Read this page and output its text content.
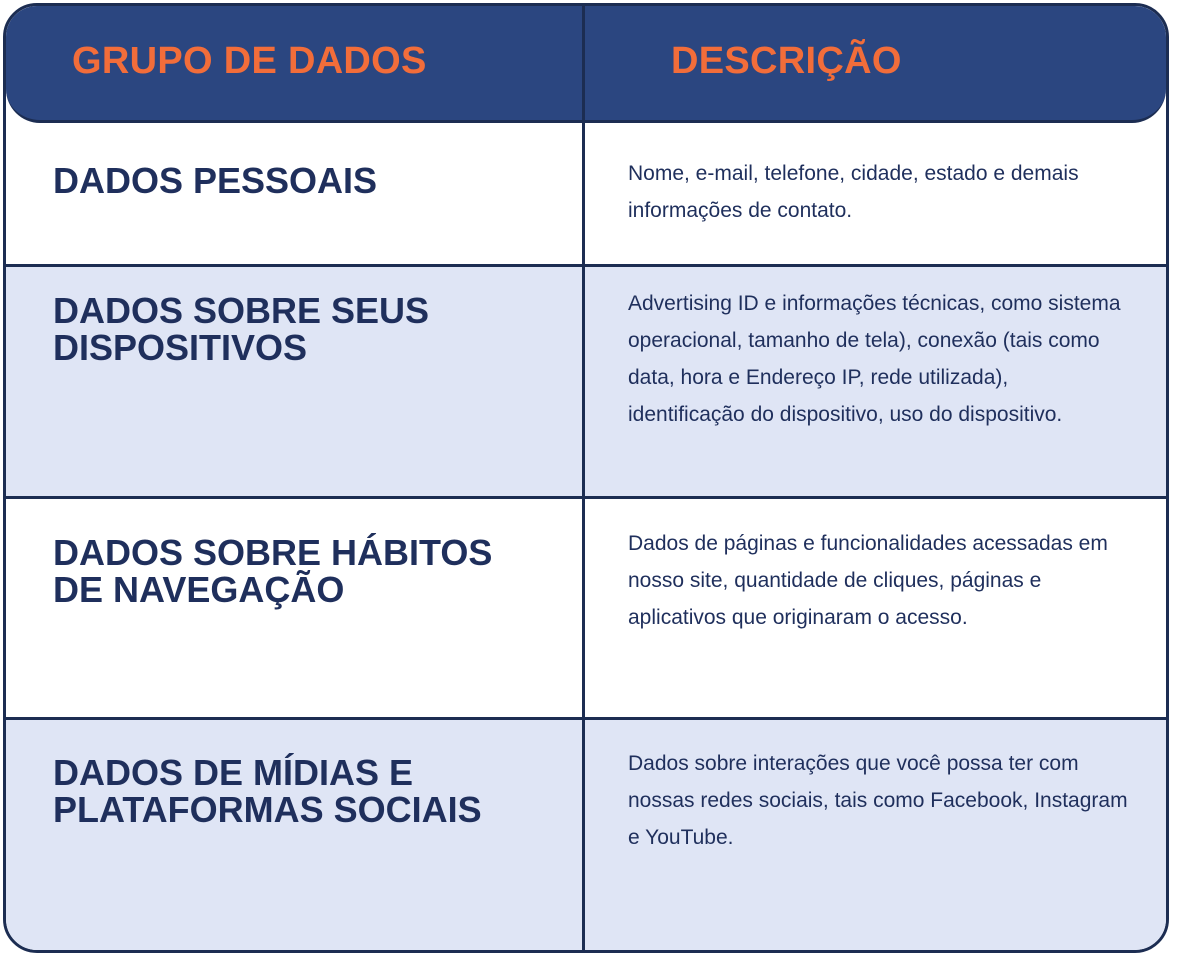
DADOS PESSOAIS	Nome, e-mail, telefone, cidade, estado e demais informações de contato.

DADOS SOBRE SEUS
DISPOSITIVOS

Advertising ID e informações técnicas, como sistema operacional, tamanho de tela), conexão (tais como data, hora e Endereço IP, rede utilizada), identificação do dispositivo, uso do dispositivo.

DADOS SOBRE HÁBITOS
DE NAVEGAÇÃO

Dados de páginas e funcionalidades acessadas em nosso site, quantidade de cliques, páginas e aplicativos que originaram o acesso.

DADOS DE MÍDIAS E
PLATAFORMAS SOCIAIS

Dados sobre interações que você possa ter com nossas redes sociais, tais como Facebook, Instagram e YouTube.

GRUPO DE DADOS	DESCRIÇÃO
